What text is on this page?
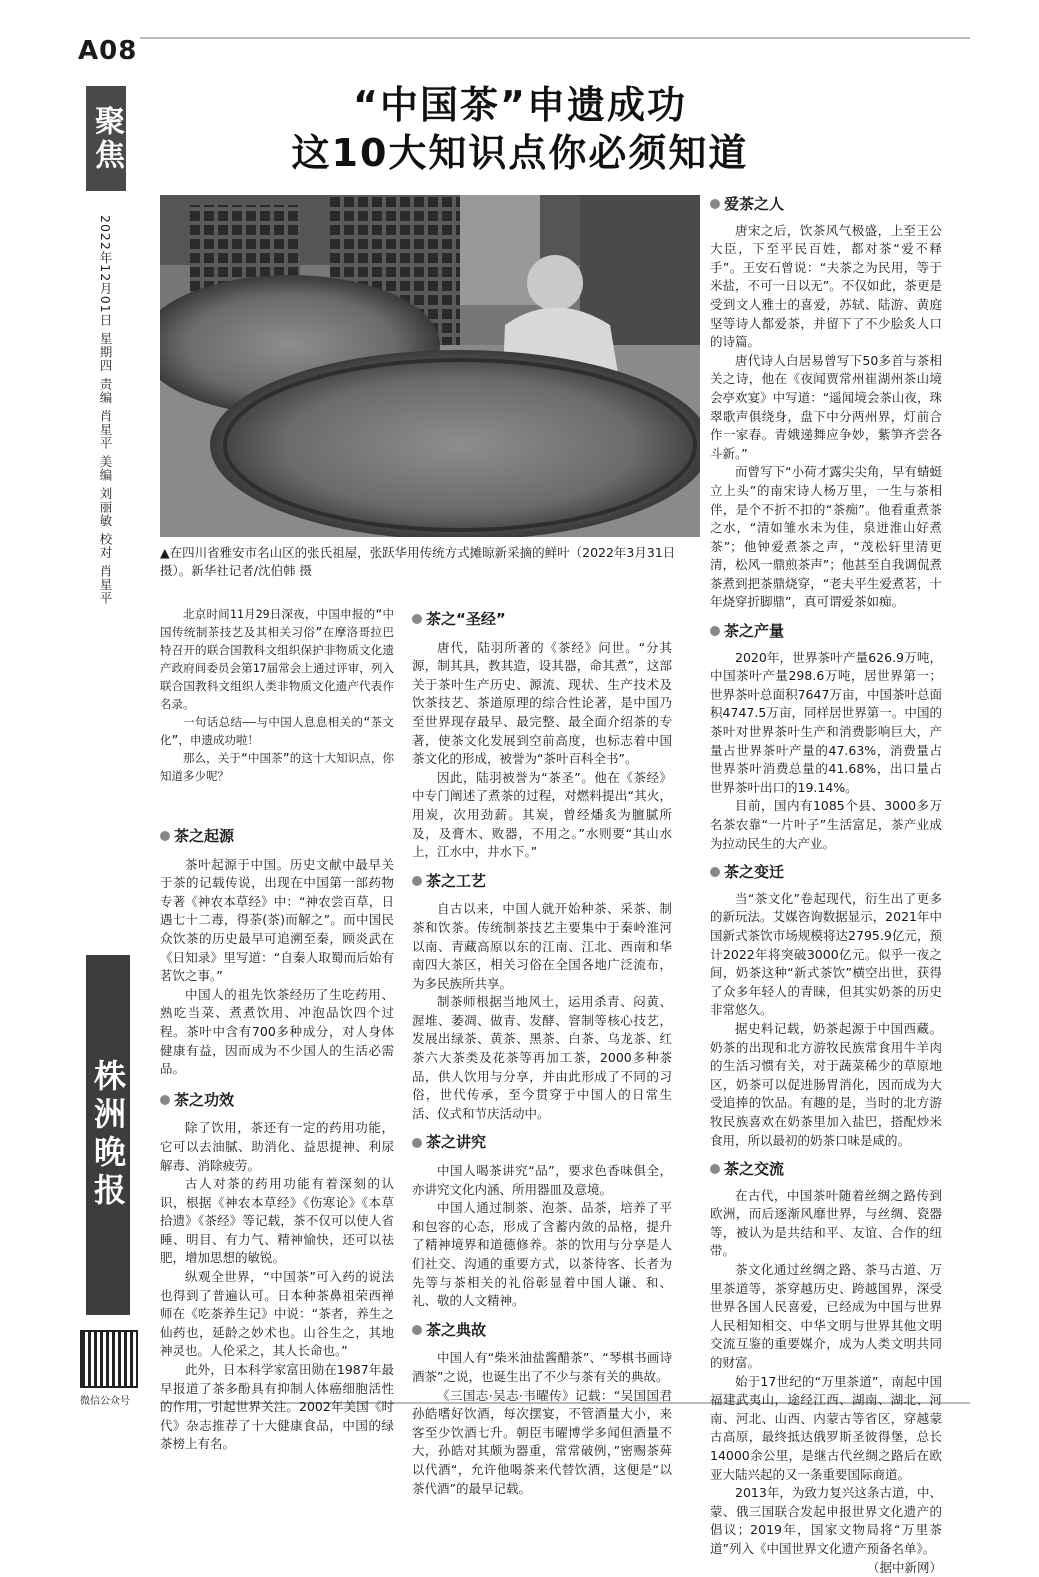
A08
聚焦
2022年12月01日 星期四 责编 肖星平 美编 刘丽敏 校对 肖星平
“中国茶”申遗成功
这10大知识点你必须知道
▲在四川省雅安市名山区的张氏祖屋，张跃华用传统方式摊晾新采摘的鲜叶（2022年3月31日摄）。新华社记者/沈伯韩 摄

北京时间11月29日深夜，中国申报的“中国传统制茶技艺及其相关习俗”在摩洛哥拉巴特召开的联合国教科文组织保护非物质文化遗产政府间委员会第17届常会上通过评审，列入联合国教科文组织人类非物质文化遗产代表作名录。

一句话总结——与中国人息息相关的“茶文化”，申遗成功啦！

那么，关于“中国茶”的这十大知识点，你知道多少呢？

茶之起源

茶叶起源于中国。历史文献中最早关于茶的记载传说，出现在中国第一部药物专著《神农本草经》中：“神农尝百草，日遇七十二毒，得荼(茶)而解之”。而中国民众饮茶的历史最早可追溯至秦，顾炎武在《日知录》里写道：“自秦人取蜀而后始有茗饮之事。”

中国人的祖先饮茶经历了生吃药用、熟吃当菜、煮煮饮用、冲泡品饮四个过程。茶叶中含有700多种成分，对人身体健康有益，因而成为不少国人的生活必需品。

茶之功效

除了饮用，茶还有一定的药用功能，它可以去油腻、助消化、益思提神、利尿解毒、消除疲劳。

古人对茶的药用功能有着深刻的认识，根据《神农本草经》《伤寒论》《本草拾遗》《茶经》等记载，茶不仅可以使人省睡、明目、有力气、精神愉快，还可以祛肥，增加思想的敏锐。

纵观全世界，“中国茶”可入药的说法也得到了普遍认可。日本种茶鼻祖荣西禅师在《吃茶养生记》中说：“茶者，养生之仙药也，延龄之妙术也。山谷生之，其地神灵也。人伦采之，其人长命也。”

此外，日本科学家富田勋在1987年最早报道了茶多酚具有抑制人体癌细胞活性的作用，引起世界关注。2002年美国《时代》杂志推荐了十大健康食品，中国的绿茶榜上有名。

茶之“圣经”

唐代，陆羽所著的《茶经》问世。“分其源，制其具，教其造，设其器，命其煮”，这部关于茶叶生产历史、源流、现状、生产技术及饮茶技艺、茶道原理的综合性论著，是中国乃至世界现存最早、最完整、最全面介绍茶的专著，使茶文化发展到空前高度，也标志着中国茶文化的形成，被誉为“茶叶百科全书”。

因此，陆羽被誉为“茶圣”。他在《茶经》中专门阐述了煮茶的过程，对燃料提出“其火，用炭，次用劲薪。其炭，曾经燔炙为膻腻所及，及膏木、败器，不用之。”水则要“其山水上，江水中，井水下。”

茶之工艺

自古以来，中国人就开始种茶、采茶、制茶和饮茶。传统制茶技艺主要集中于秦岭淮河以南、青藏高原以东的江南、江北、西南和华南四大茶区，相关习俗在全国各地广泛流布，为多民族所共享。

制茶师根据当地风土，运用杀青、闷黄、渥堆、萎凋、做青、发酵、窨制等核心技艺，发展出绿茶、黄茶、黑茶、白茶、乌龙茶、红茶六大茶类及花茶等再加工茶，2000多种茶品，供人饮用与分享，并由此形成了不同的习俗，世代传承，至今贯穿于中国人的日常生活、仪式和节庆活动中。

茶之讲究

中国人喝茶讲究“品”，要求色香味俱全，亦讲究文化内涵、所用器皿及意境。

中国人通过制茶、泡茶、品茶，培养了平和包容的心态，形成了含蓄内敛的品格，提升了精神境界和道德修养。茶的饮用与分享是人们社交、沟通的重要方式，以茶待客、长者为先等与茶相关的礼俗彰显着中国人谦、和、礼、敬的人文精神。

茶之典故

中国人有“柴米油盐酱醋茶”、“琴棋书画诗酒茶”之说，也诞生出了不少与茶有关的典故。

《三国志·吴志·韦曜传》记载：“吴国国君孙皓嗜好饮酒，每次摆宴，不管酒量大小，来客至少饮酒七升。朝臣韦曜博学多闻但酒量不大，孙皓对其颇为器重，常常破例，”密赐茶荈以代酒“，允许他喝茶来代替饮酒，这便是“以茶代酒”的最早记载。

爱茶之人

唐宋之后，饮茶风气极盛，上至王公大臣，下至平民百姓，都对茶“爱不释手”。王安石曾说：“夫茶之为民用，等于米盐，不可一日以无”。不仅如此，茶更是受到文人雅士的喜爱，苏轼、陆游、黄庭坚等诗人都爱茶，并留下了不少脍炙人口的诗篇。

唐代诗人白居易曾写下50多首与茶相关之诗，他在《夜闻贾常州崔湖州茶山境会亭欢宴》中写道：“遥闻境会茶山夜，珠翠歌声俱绕身，盘下中分两州界，灯前合作一家春。青娥递舞应争妙，紫笋齐尝各斗新。”

而曾写下“小荷才露尖尖角，早有蜻蜓立上头”的南宋诗人杨万里，一生与茶相伴，是个不折不扣的“茶痴”。他看重煮茶之水，“清如雏水未为佳，泉迸淮山好煮茶”；他钟爱煮茶之声，“茂松轩里清更清，松风一鼎煎茶声”；他甚至自我调侃煮茶煮到把茶鼎烧穿，“老夫平生爱煮茗，十年烧穿折脚鼎”，真可谓爱茶如痴。

茶之产量

2020年，世界茶叶产量626.9万吨，中国茶叶产量298.6万吨，居世界第一；世界茶叶总面积7647万亩，中国茶叶总面积4747.5万亩，同样居世界第一。中国的茶叶对世界茶叶生产和消费影响巨大，产量占世界茶叶产量的47.63%，消费量占世界茶叶消费总量的41.68%，出口量占世界茶叶出口的19.14%。

目前，国内有1085个县、3000多万名茶农靠“一片叶子”生活富足，茶产业成为拉动民生的大产业。

茶之变迁

当“茶文化”卷起现代，衍生出了更多的新玩法。艾媒咨询数据显示，2021年中国新式茶饮市场规模将达2795.9亿元，预计2022年将突破3000亿元。似乎一夜之间，奶茶这种“新式茶饮”横空出世，获得了众多年轻人的青睐，但其实奶茶的历史非常悠久。

据史料记载，奶茶起源于中国西藏。奶茶的出现和北方游牧民族常食用牛羊肉的生活习惯有关，对于蔬菜稀少的草原地区，奶茶可以促进肠胃消化，因而成为大受追捧的饮品。有趣的是，当时的北方游牧民族喜欢在奶茶里加入盐巴，搭配炒米食用，所以最初的奶茶口味是咸的。

茶之交流

在古代，中国茶叶随着丝绸之路传到欧洲，而后逐渐风靡世界，与丝绸、瓷器等，被认为是共结和平、友谊、合作的纽带。

茶文化通过丝绸之路、茶马古道、万里茶道等，茶穿越历史、跨越国界，深受世界各国人民喜爱，已经成为中国与世界人民相知相交、中华文明与世界其他文明交流互鉴的重要媒介，成为人类文明共同的财富。

始于17世纪的“万里茶道”，南起中国福建武夷山，途经江西、湖南、湖北、河南、河北、山西、内蒙古等省区，穿越蒙古高原，最终抵达俄罗斯圣彼得堡，总长14000余公里，是继古代丝绸之路后在欧亚大陆兴起的又一条重要国际商道。

2013年，为致力复兴这条古道，中、蒙、俄三国联合发起申报世界文化遗产的倡议；2019年，国家文物局将“万里茶道”列入《中国世界文化遗产预备名单》。

（据中新网）
株洲晚报
微信公众号
